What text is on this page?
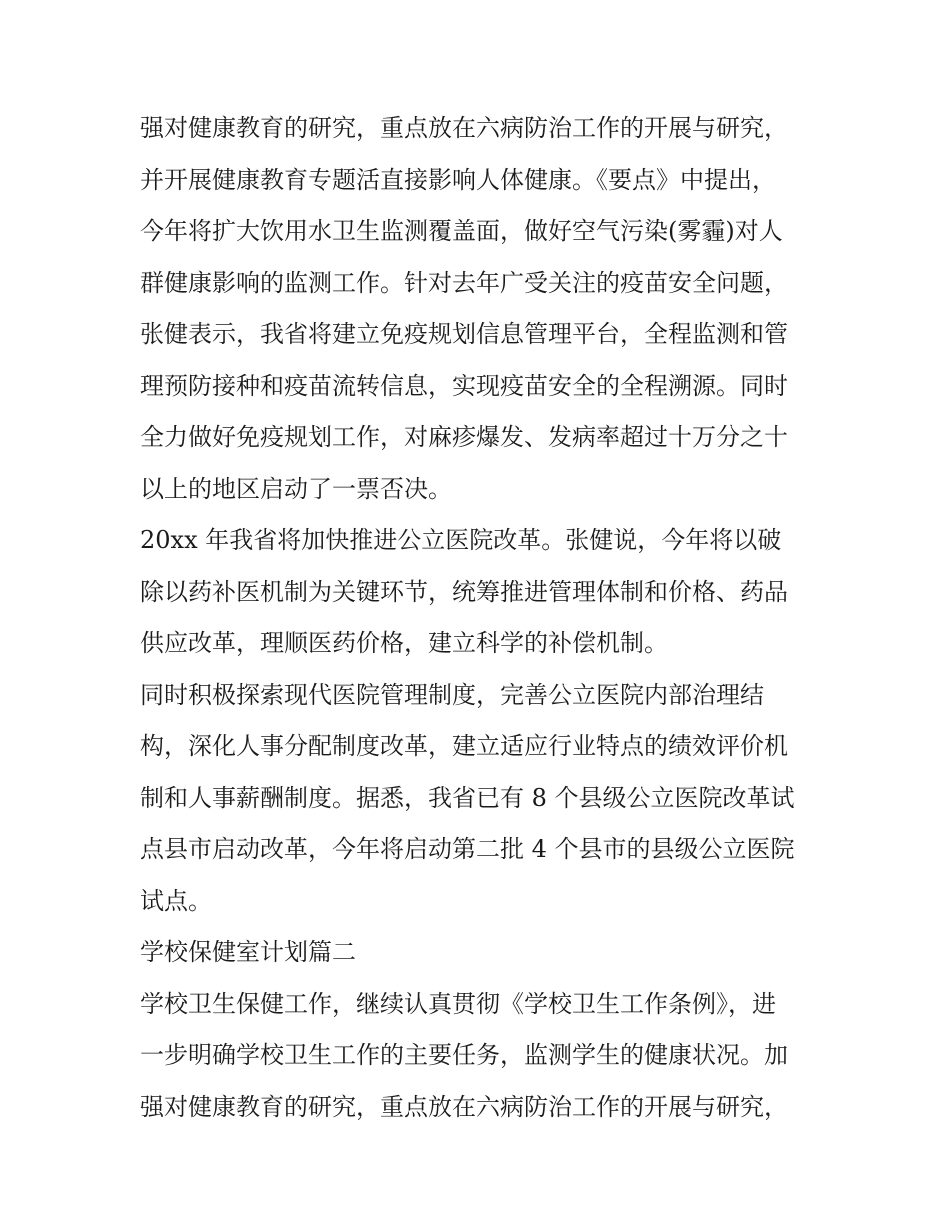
强对健康教育的研究，重点放在六病防治工作的开展与研究，
并开展健康教育专题活直接影响人体健康。《要点》中提出，
今年将扩大饮用水卫生监测覆盖面，做好空气污染(雾霾)对人
群健康影响的监测工作。针对去年广受关注的疫苗安全问题，
张健表示，我省将建立免疫规划信息管理平台，全程监测和管
理预防接种和疫苗流转信息，实现疫苗安全的全程溯源。同时
全力做好免疫规划工作，对麻疹爆发、发病率超过十万分之十
以上的地区启动了一票否决。
20xx 年我省将加快推进公立医院改革。张健说，今年将以破
除以药补医机制为关键环节，统筹推进管理体制和价格、药品
供应改革，理顺医药价格，建立科学的补偿机制。
同时积极探索现代医院管理制度，完善公立医院内部治理结
构，深化人事分配制度改革，建立适应行业特点的绩效评价机
制和人事薪酬制度。据悉，我省已有 8 个县级公立医院改革试
点县市启动改革，今年将启动第二批 4 个县市的县级公立医院
试点。
学校保健室计划篇二
学校卫生保健工作，继续认真贯彻《学校卫生工作条例》，进
一步明确学校卫生工作的主要任务，监测学生的健康状况。加
强对健康教育的研究，重点放在六病防治工作的开展与研究，
